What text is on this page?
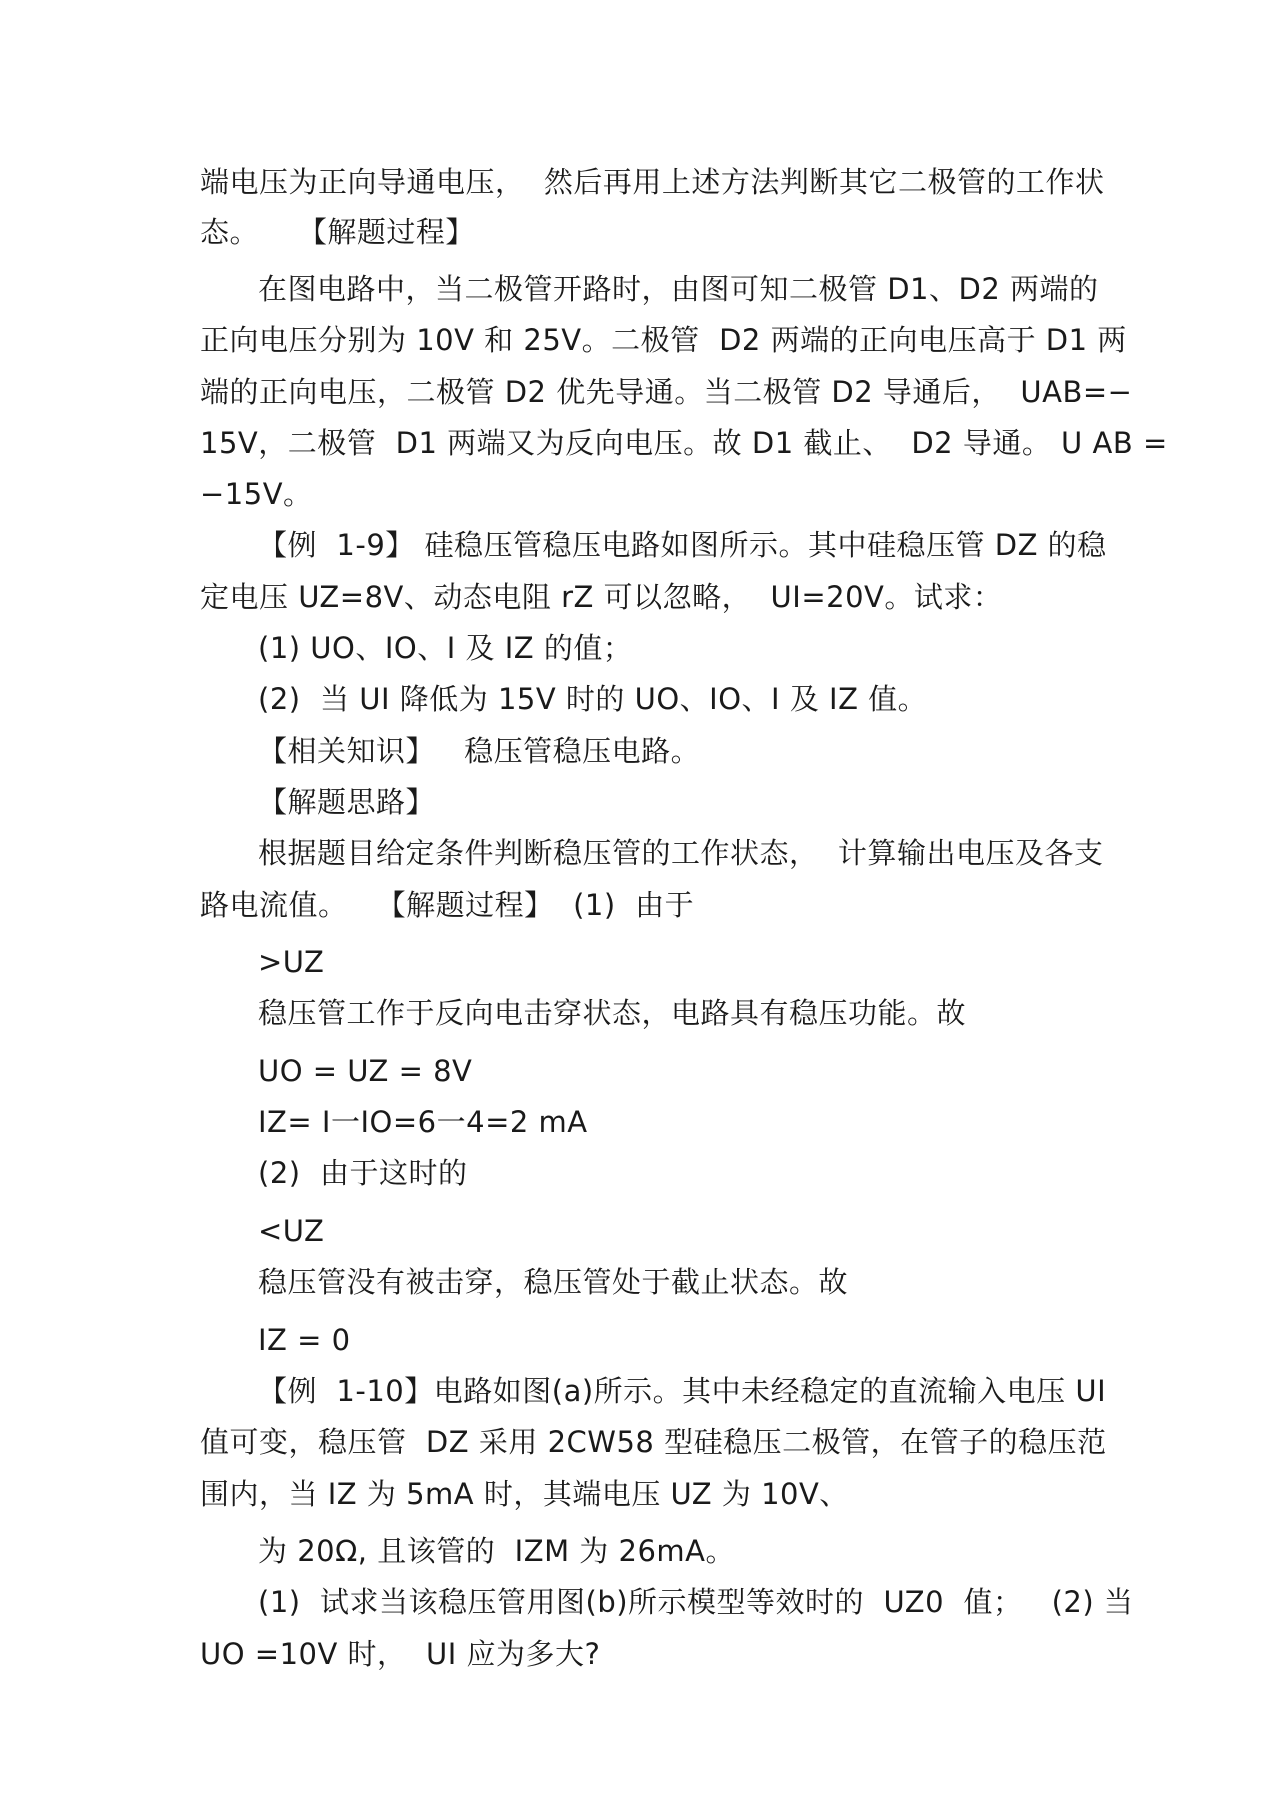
端电压为正向导通电压，  然后再用上述方法判断其它二极管的工作状
态。    【解题过程】
在图电路中，当二极管开路时，由图可知二极管 D1、D2 两端的
正向电压分别为 10V 和 25V。二极管  D2 两端的正向电压高于 D1 两
端的正向电压，二极管 D2 优先导通。当二极管 D2 导通后，  UAB=−
15V，二极管  D1 两端又为反向电压。故 D1 截止、  D2 导通。 U AB =
−15V。
【例  1-9】 硅稳压管稳压电路如图所示。其中硅稳压管 DZ 的稳
定电压 UZ=8V、动态电阻 rZ 可以忽略，  UI=20V。试求：
(1) UO、IO、I 及 IZ 的值；
(2)  当 UI 降低为 15V 时的 UO、IO、I 及 IZ 值。
【相关知识】   稳压管稳压电路。
【解题思路】
根据题目给定条件判断稳压管的工作状态，  计算输出电压及各支
路电流值。   【解题过程】  (1)  由于
>UZ
稳压管工作于反向电击穿状态，电路具有稳压功能。故
UO = UZ = 8V
IZ= I一IO=6一4=2 mA
(2)  由于这时的
<UZ
稳压管没有被击穿，稳压管处于截止状态。故
IZ = 0
【例  1-10】电路如图(a)所示。其中未经稳定的直流输入电压 UI
值可变，稳压管  DZ 采用 2CW58 型硅稳压二极管，在管子的稳压范
围内，当 IZ 为 5mA 时，其端电压 UZ 为 10V、
为 20Ω, 且该管的  IZM 为 26mA。
(1)  试求当该稳压管用图(b)所示模型等效时的  UZ0  值；   (2) 当
UO =10V 时，  UI 应为多大?
